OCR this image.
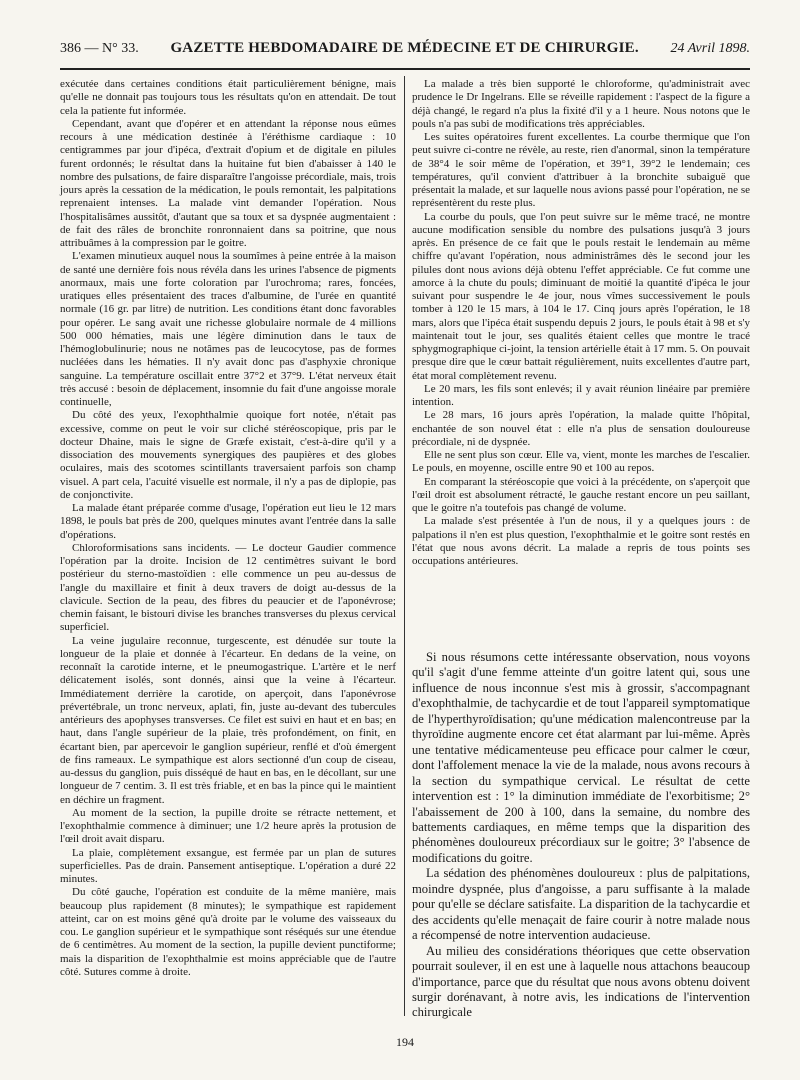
386 — N° 33. GAZETTE HEBDOMADAIRE DE MÉDECINE ET DE CHIRURGIE. 24 Avril 1898.

exécutée dans certaines conditions était particulièrement bénigne, mais qu'elle ne donnait pas toujours tous les résultats qu'on en attendait. De tout cela la patiente fut informée.

Cependant, avant que d'opérer et en attendant la réponse nous eûmes recours à une médication destinée à l'éréthisme cardiaque : 10 centigrammes par jour d'ipéca, d'extrait d'opium et de digitale en pilules furent ordonnés; le résultat dans la huitaine fut bien d'abaisser à 140 le nombre des pulsations, de faire disparaître l'angoisse précordiale, mais, trois jours après la cessation de la médication, le pouls remontait, les palpitations reprenaient intenses. La malade vint demander l'opération. Nous l'hospitalisâmes aussitôt, d'autant que sa toux et sa dyspnée augmentaient : de fait des râles de bronchite ronronnaient dans sa poitrine, que nous attribuâmes à la compression par le goitre.

L'examen minutieux auquel nous la soumîmes à peine entrée à la maison de santé une dernière fois nous révéla dans les urines l'absence de pigments anormaux, mais une forte coloration par l'urochroma; rares, foncées, uratiques elles présentaient des traces d'albumine, de l'urée en quantité normale (16 gr. par litre) de nutrition. Les conditions étant donc favorables pour opérer. Le sang avait une richesse globulaire normale de 4 millions 500 000 hématies, mais une légère diminution dans le taux de l'hémoglobulinurie; nous ne notâmes pas de leucocytose, pas de formes nucléées dans les hématies. Il n'y avait donc pas d'asphyxie chronique sanguine. La température oscillait entre 37°2 et 37°9. L'état nerveux était très accusé : besoin de déplacement, insomnie du fait d'une angoisse morale continuelle,

Du côté des yeux, l'exophthalmie quoique fort notée, n'était pas excessive, comme on peut le voir sur cliché stéréoscopique, pris par le docteur Dhaine, mais le signe de Græfe existait, c'est-à-dire qu'il y a dissociation des mouvements synergiques des paupières et des globes oculaires, mais des scotomes scintillants traversaient parfois son champ visuel. A part cela, l'acuité visuelle est normale, il n'y a pas de diplopie, pas de conjonctivite.

La malade étant préparée comme d'usage, l'opération eut lieu le 12 mars 1898, le pouls bat près de 200, quelques minutes avant l'entrée dans la salle d'opérations.

Chloroformisations sans incidents. — Le docteur Gaudier commence l'opération par la droite. Incision de 12 centimètres suivant le bord postérieur du sterno-mastoïdien : elle commence un peu au-dessus de l'angle du maxillaire et finit à deux travers de doigt au-dessus de la clavicule. Section de la peau, des fibres du peaucier et de l'aponévrose; chemin faisant, le bistouri divise les branches transverses du plexus cervical superficiel.

La veine jugulaire reconnue, turgescente, est dénudée sur toute la longueur de la plaie et donnée à l'écarteur. En dedans de la veine, on reconnaît la carotide interne, et le pneumogastrique. L'artère et le nerf délicatement isolés, sont donnés, ainsi que la veine à l'écarteur. Immédiatement derrière la carotide, on aperçoit, dans l'aponévrose prévertébrale, un tronc nerveux, aplati, fin, juste au-devant des tubercules antérieurs des apophyses transverses. Ce filet est suivi en haut et en bas; en haut, dans l'angle supérieur de la plaie, très profondément, on finit, en écartant bien, par apercevoir le ganglion supérieur, renflé et d'où émergent de fins rameaux. Le sympathique est alors sectionné d'un coup de ciseau, au-dessus du ganglion, puis disséqué de haut en bas, en le décollant, sur une longueur de 7 centim. 3. Il est très friable, et en bas la pince qui le maintient en déchire un fragment.

Au moment de la section, la pupille droite se rétracte nettement, et l'exophthalmie commence à diminuer; une 1/2 heure après la protusion de l'œil droit avait disparu.

La plaie, complètement exsangue, est fermée par un plan de sutures superficielles. Pas de drain. Pansement antiseptique. L'opération a duré 22 minutes.

Du côté gauche, l'opération est conduite de la même manière, mais beaucoup plus rapidement (8 minutes); le sympathique est rapidement atteint, car on est moins gêné qu'à droite par le volume des vaisseaux du cou. Le ganglion supérieur et le sympathique sont réséqués sur une étendue de 6 centimètres. Au moment de la section, la pupille devient punctiforme; mais la disparition de l'exophthalmie est moins appréciable que de l'autre côté. Sutures comme à droite.

La malade a très bien supporté le chloroforme, qu'administrait avec prudence le Dr Ingelrans. Elle se réveille rapidement : l'aspect de la figure a déjà changé, le regard n'a plus la fixité d'il y a 1 heure. Nous notons que le pouls n'a pas subi de modifications très appréciables.

Les suites opératoires furent excellentes. La courbe thermique que l'on peut suivre ci-contre ne révèle, au reste, rien d'anormal, sinon la température de 38°4 le soir même de l'opération, et 39°1, 39°2 le lendemain; ces températures, qu'il convient d'attribuer à la bronchite subaiguë que présentait la malade, et sur laquelle nous avions passé pour l'opération, ne se représentèrent du reste plus.

La courbe du pouls, que l'on peut suivre sur le même tracé, ne montre aucune modification sensible du nombre des pulsations jusqu'à 3 jours après. En présence de ce fait que le pouls restait le lendemain au même chiffre qu'avant l'opération, nous administrâmes dès le second jour les pilules dont nous avions déjà obtenu l'effet appréciable. Ce fut comme une amorce à la chute du pouls; diminuant de moitié la quantité d'ipéca le jour suivant pour suspendre le 4e jour, nous vîmes successivement le pouls tomber à 120 le 15 mars, à 104 le 17. Cinq jours après l'opération, le 18 mars, alors que l'ipéca était suspendu depuis 2 jours, le pouls était à 98 et s'y maintenait tout le jour, ses qualités étaient celles que montre le tracé sphygmographique ci-joint, la tension artérielle était à 17 mm. 5. On pouvait presque dire que le cœur battait régulièrement, nuits excellentes d'autre part, état moral complètement revenu.

Le 20 mars, les fils sont enlevés; il y avait réunion linéaire par première intention.

Le 28 mars, 16 jours après l'opération, la malade quitte l'hôpital, enchantée de son nouvel état : elle n'a plus de sensation douloureuse précordiale, ni de dyspnée.

Elle ne sent plus son cœur. Elle va, vient, monte les marches de l'escalier. Le pouls, en moyenne, oscille entre 90 et 100 au repos.

En comparant la stéréoscopie que voici à la précédente, on s'aperçoit que l'œil droit est absolument rétracté, le gauche restant encore un peu saillant, que le goitre n'a toutefois pas changé de volume.

La malade s'est présentée à l'un de nous, il y a quelques jours : de palpations il n'en est plus question, l'exophthalmie et le goitre sont restés en l'état que nous avons décrit. La malade a repris de tous points ses occupations antérieures.

Si nous résumons cette intéressante observation, nous voyons qu'il s'agit d'une femme atteinte d'un goitre latent qui, sous une influence de nous inconnue s'est mis à grossir, s'accompagnant d'exophthalmie, de tachycardie et de tout l'appareil symptomatique de l'hyperthyroïdisation; qu'une médication malencontreuse par la thyroïdine augmente encore cet état alarmant par lui-même. Après une tentative médicamenteuse peu efficace pour calmer le cœur, dont l'affolement menace la vie de la malade, nous avons recours à la section du sympathique cervical. Le résultat de cette intervention est : 1° la diminution immédiate de l'exorbitisme; 2° l'abaissement de 200 à 100, dans la semaine, du nombre des battements cardiaques, en même temps que la disparition des phénomènes douloureux précordiaux sur le goitre; 3° l'absence de modifications du goitre.

La sédation des phénomènes douloureux : plus de palpitations, moindre dyspnée, plus d'angoisse, a paru suffisante à la malade pour qu'elle se déclare satisfaite. La disparition de la tachycardie et des accidents qu'elle menaçait de faire courir à notre malade nous a récompensé de notre intervention audacieuse.

Au milieu des considérations théoriques que cette observation pourrait soulever, il en est une à laquelle nous attachons beaucoup d'importance, parce que du résultat que nous avons obtenu doivent surgir dorénavant, à notre avis, les indications de l'intervention chirurgicale

194
